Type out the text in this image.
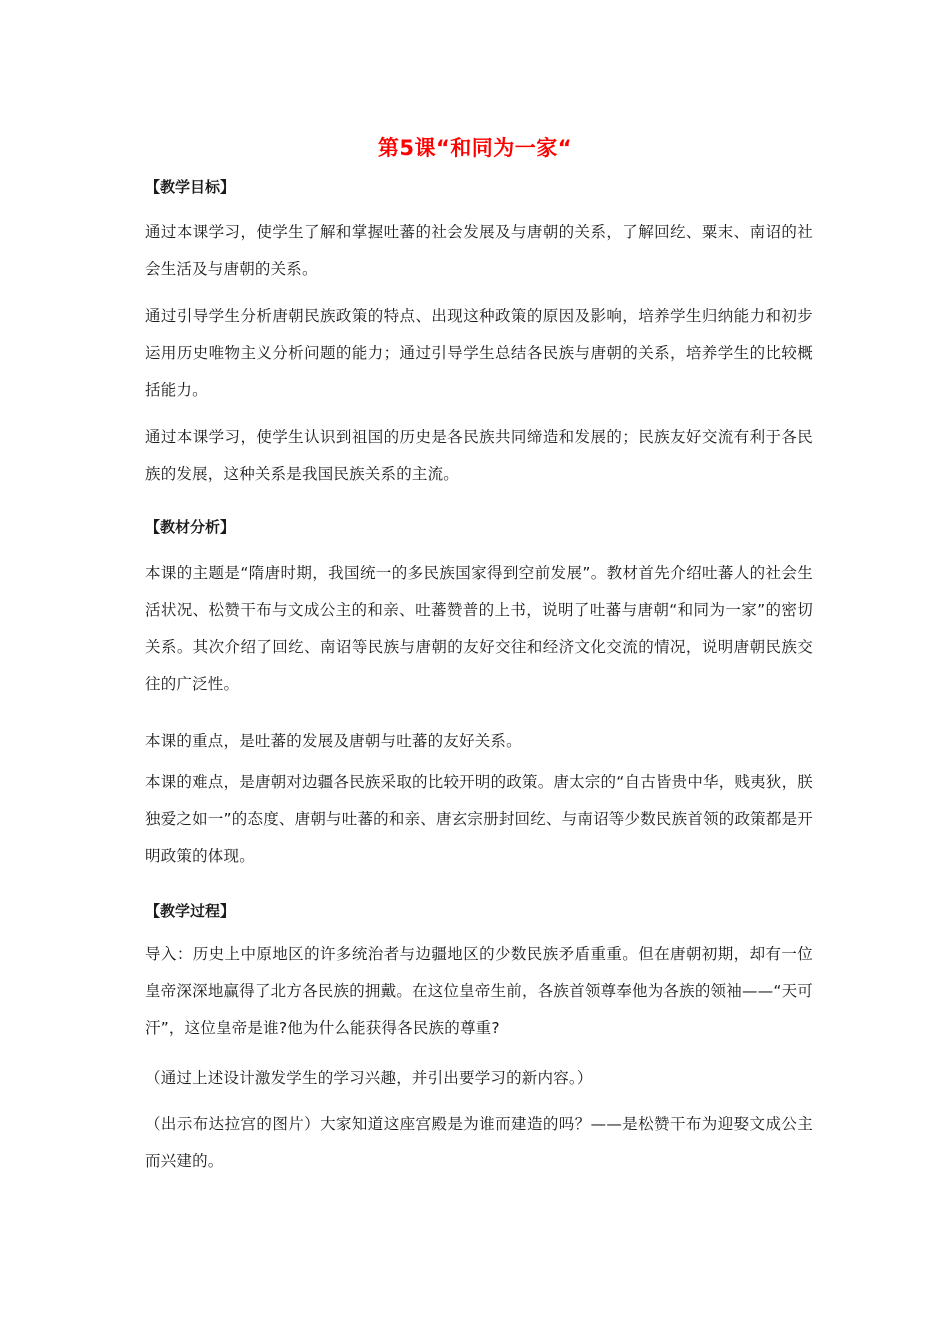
第5课“和同为一家“
【教学目标】
通过本课学习，使学生了解和掌握吐蕃的社会发展及与唐朝的关系，了解回纥、粟末、南诏的社会生活及与唐朝的关系。
通过引导学生分析唐朝民族政策的特点、出现这种政策的原因及影响，培养学生归纳能力和初步运用历史唯物主义分析问题的能力；通过引导学生总结各民族与唐朝的关系，培养学生的比较概括能力。
通过本课学习，使学生认识到祖国的历史是各民族共同缔造和发展的；民族友好交流有利于各民族的发展，这种关系是我国民族关系的主流。
【教材分析】
本课的主题是“隋唐时期，我国统一的多民族国家得到空前发展”。教材首先介绍吐蕃人的社会生活状况、松赞干布与文成公主的和亲、吐蕃赞普的上书，说明了吐蕃与唐朝“和同为一家”的密切关系。其次介绍了回纥、南诏等民族与唐朝的友好交往和经济文化交流的情况，说明唐朝民族交往的广泛性。
本课的重点，是吐蕃的发展及唐朝与吐蕃的友好关系。
本课的难点，是唐朝对边疆各民族采取的比较开明的政策。唐太宗的“自古皆贵中华，贱夷狄，朕独爱之如一”的态度、唐朝与吐蕃的和亲、唐玄宗册封回纥、与南诏等少数民族首领的政策都是开明政策的体现。
【教学过程】
导入：历史上中原地区的许多统治者与边疆地区的少数民族矛盾重重。但在唐朝初期，却有一位皇帝深深地赢得了北方各民族的拥戴。在这位皇帝生前，各族首领尊奉他为各族的领袖——“天可汗”，这位皇帝是谁?他为什么能获得各民族的尊重?
（通过上述设计激发学生的学习兴趣，并引出要学习的新内容。）
（出示布达拉宫的图片）大家知道这座宫殿是为谁而建造的吗？——是松赞干布为迎娶文成公主而兴建的。
